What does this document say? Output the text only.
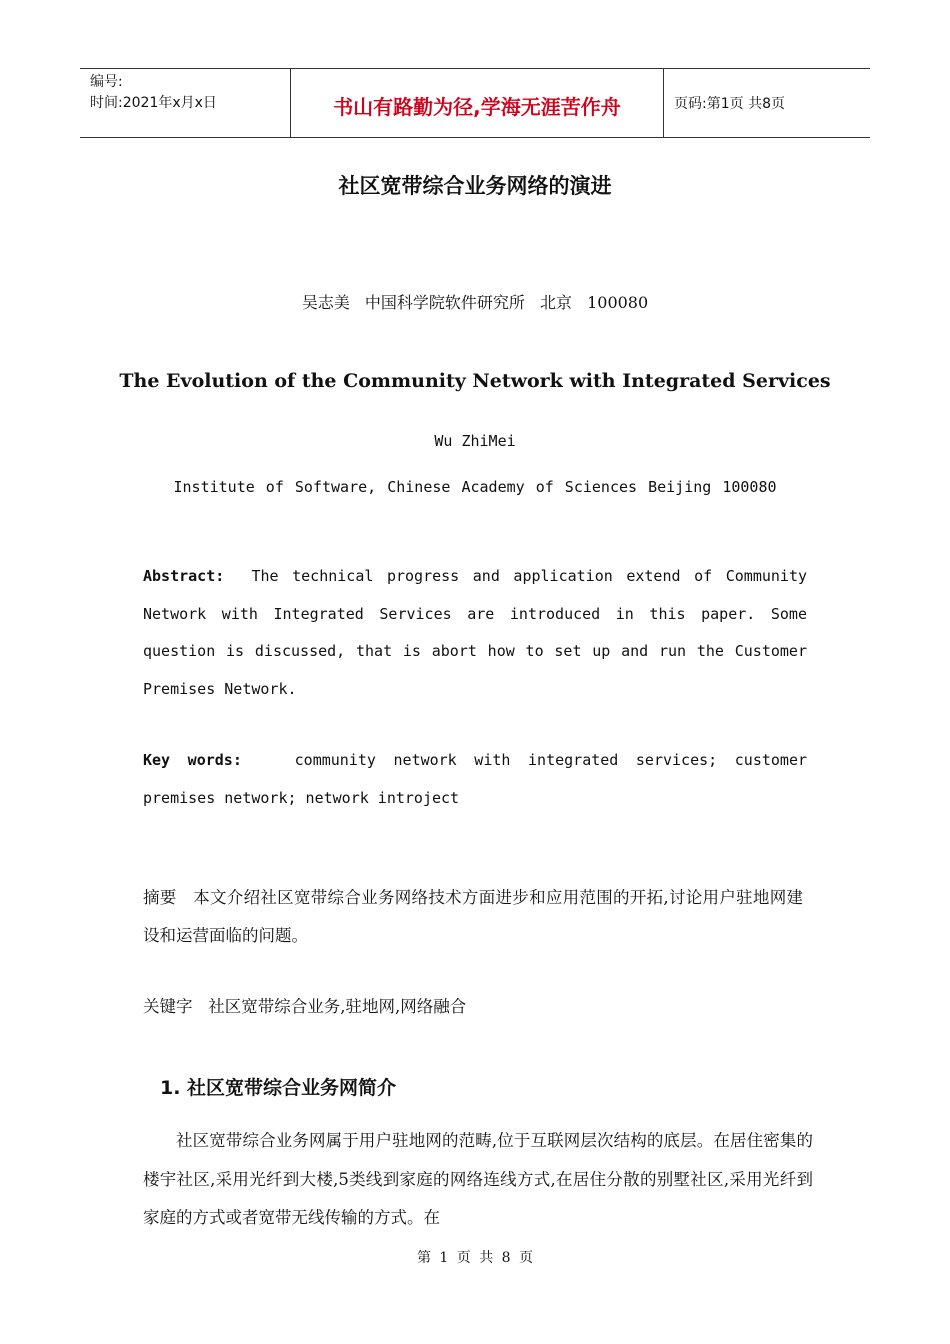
编号:
时间:2021年x月x日	书山有路勤为径,学海无涯苦作舟	页码:第1页 共8页
社区宽带综合业务网络的演进
吴志美 中国科学院软件研究所 北京 100080
The Evolution of the Community Network with Integrated Services
Wu ZhiMei
Institute of Software, Chinese Academy of Sciences Beijing 100080
Abstract: The technical progress and application extend of Community Network with Integrated Services are introduced in this paper. Some question is discussed, that is abort how to set up and run the Customer Premises Network.
Key words:	community network with integrated services; customer premises network; network introject
摘要 本文介绍社区宽带综合业务网络技术方面进步和应用范围的开拓,讨论用户驻地网建设和运营面临的问题。
关键字 社区宽带综合业务,驻地网,网络融合
1. 社区宽带综合业务网简介
社区宽带综合业务网属于用户驻地网的范畴,位于互联网层次结构的底层。在居住密集的楼宇社区,采用光纤到大楼,5类线到家庭的网络连线方式,在居住分散的别墅社区,采用光纤到家庭的方式或者宽带无线传输的方式。在
第 1 页 共 8 页
